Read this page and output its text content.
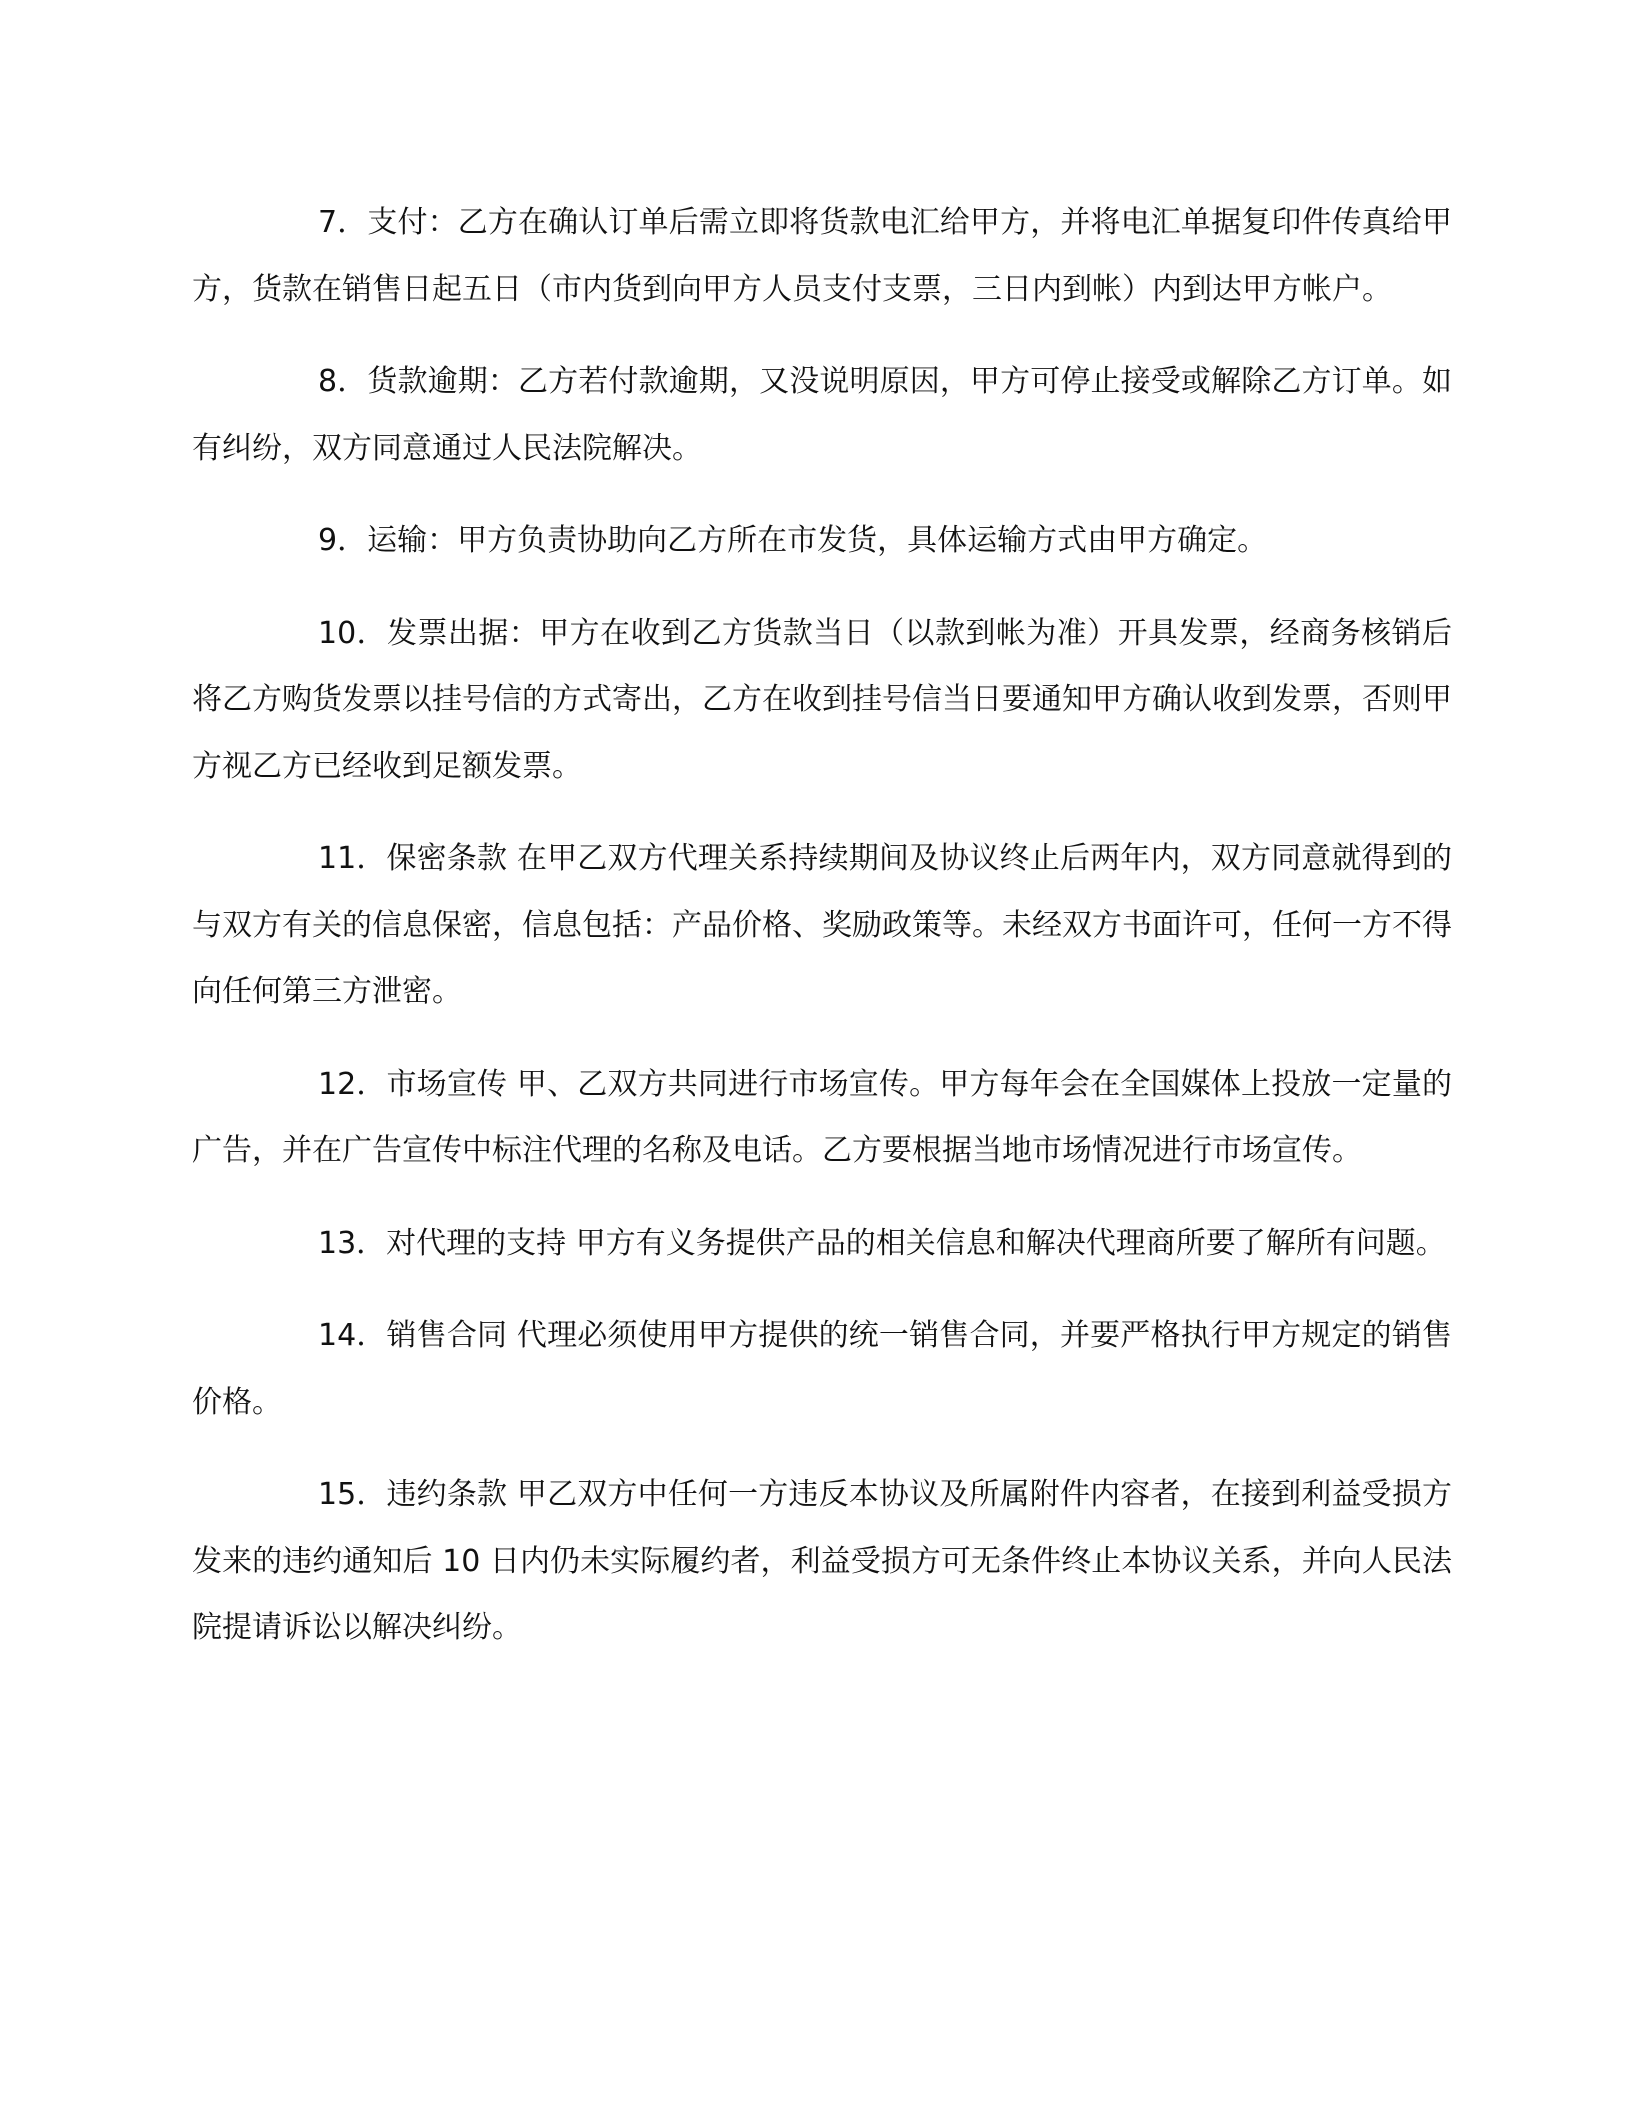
7．支付：乙方在确认订单后需立即将货款电汇给甲方，并将电汇单据复印件传真给甲方，货款在销售日起五日（市内货到向甲方人员支付支票，三日内到帐）内到达甲方帐户。

8．货款逾期：乙方若付款逾期，又没说明原因，甲方可停止接受或解除乙方订单。如有纠纷，双方同意通过人民法院解决。

9．运输：甲方负责协助向乙方所在市发货，具体运输方式由甲方确定。

10．发票出据：甲方在收到乙方货款当日（以款到帐为准）开具发票，经商务核销后将乙方购货发票以挂号信的方式寄出，乙方在收到挂号信当日要通知甲方确认收到发票，否则甲方视乙方已经收到足额发票。

11．保密条款 在甲乙双方代理关系持续期间及协议终止后两年内，双方同意就得到的与双方有关的信息保密，信息包括：产品价格、奖励政策等。未经双方书面许可，任何一方不得向任何第三方泄密。

12．市场宣传 甲、乙双方共同进行市场宣传。甲方每年会在全国媒体上投放一定量的广告，并在广告宣传中标注代理的名称及电话。乙方要根据当地市场情况进行市场宣传。

13．对代理的支持 甲方有义务提供产品的相关信息和解决代理商所要了解所有问题。

14．销售合同 代理必须使用甲方提供的统一销售合同，并要严格执行甲方规定的销售价格。

15．违约条款 甲乙双方中任何一方违反本协议及所属附件内容者，在接到利益受损方发来的违约通知后 10 日内仍未实际履约者，利益受损方可无条件终止本协议关系，并向人民法院提请诉讼以解决纠纷。
